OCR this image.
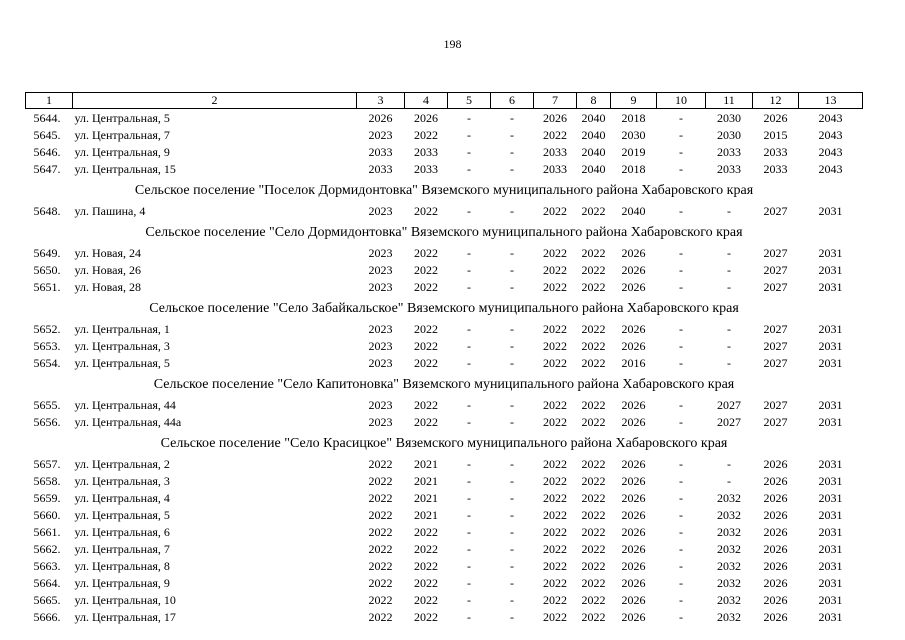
198
1	2	3	4	5	6	7	8	9	10	11	12	13
5644.	ул. Центральная, 5	2026	2026	-	-	2026	2040	2018	-	2030	2026	2043
5645.	ул. Центральная, 7	2023	2022	-	-	2022	2040	2030	-	2030	2015	2043
5646.	ул. Центральная, 9	2033	2033	-	-	2033	2040	2019	-	2033	2033	2043
5647.	ул. Центральная, 15	2033	2033	-	-	2033	2040	2018	-	2033	2033	2043
Сельское поселение "Поселок Дормидонтовка" Вяземского муниципального района Хабаровского края												
5648.	ул. Пашина, 4	2023	2022	-	-	2022	2022	2040	-	-	2027	2031
Сельское поселение "Село Дормидонтовка" Вяземского муниципального района Хабаровского края												
5649.	ул. Новая, 24	2023	2022	-	-	2022	2022	2026	-	-	2027	2031
5650.	ул. Новая, 26	2023	2022	-	-	2022	2022	2026	-	-	2027	2031
5651.	ул. Новая, 28	2023	2022	-	-	2022	2022	2026	-	-	2027	2031
Сельское поселение "Село Забайкальское" Вяземского муниципального района Хабаровского края												
5652.	ул. Центральная, 1	2023	2022	-	-	2022	2022	2026	-	-	2027	2031
5653.	ул. Центральная, 3	2023	2022	-	-	2022	2022	2026	-	-	2027	2031
5654.	ул. Центральная, 5	2023	2022	-	-	2022	2022	2016	-	-	2027	2031
Сельское поселение "Село Капитоновка" Вяземского муниципального района Хабаровского края												
5655.	ул. Центральная, 44	2023	2022	-	-	2022	2022	2026	-	2027	2027	2031
5656.	ул. Центральная, 44а	2023	2022	-	-	2022	2022	2026	-	2027	2027	2031
Сельское поселение "Село Красицкое" Вяземского муниципального района Хабаровского края												
5657.	ул. Центральная, 2	2022	2021	-	-	2022	2022	2026	-	-	2026	2031
5658.	ул. Центральная, 3	2022	2021	-	-	2022	2022	2026	-	-	2026	2031
5659.	ул. Центральная, 4	2022	2021	-	-	2022	2022	2026	-	2032	2026	2031
5660.	ул. Центральная, 5	2022	2021	-	-	2022	2022	2026	-	2032	2026	2031
5661.	ул. Центральная, 6	2022	2022	-	-	2022	2022	2026	-	2032	2026	2031
5662.	ул. Центральная, 7	2022	2022	-	-	2022	2022	2026	-	2032	2026	2031
5663.	ул. Центральная, 8	2022	2022	-	-	2022	2022	2026	-	2032	2026	2031
5664.	ул. Центральная, 9	2022	2022	-	-	2022	2022	2026	-	2032	2026	2031
5665.	ул. Центральная, 10	2022	2022	-	-	2022	2022	2026	-	2032	2026	2031
5666.	ул. Центральная, 17	2022	2022	-	-	2022	2022	2026	-	2032	2026	2031
